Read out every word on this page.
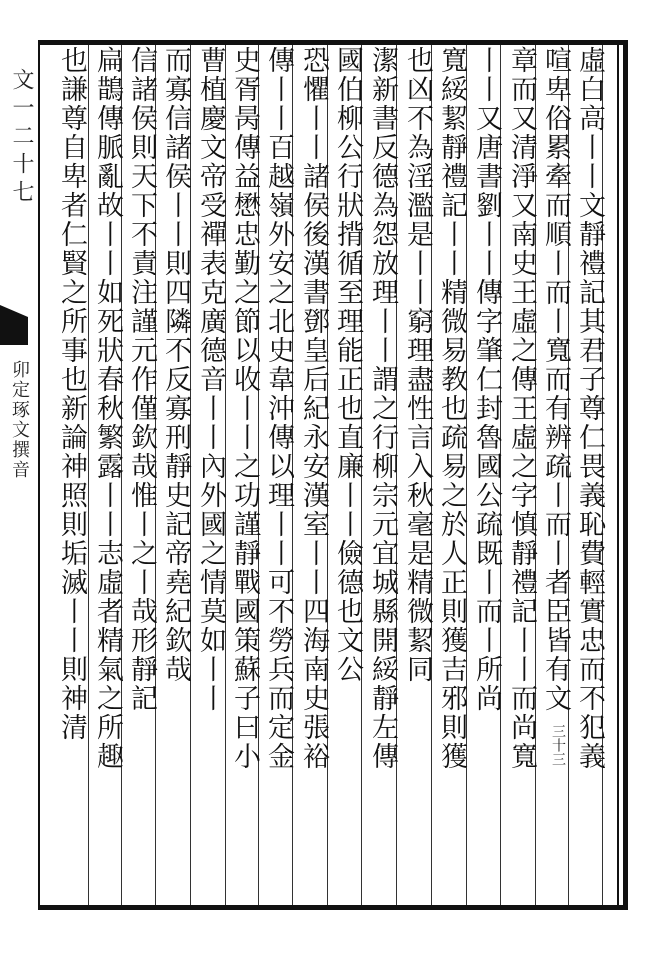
文一二十七
卯定琢文撰音	虛白高丨丨文靜禮記其君子尊仁畏義恥費輕實忠而不犯義
喧卑俗累牽而順丨而丨寬而有辨疏丨而丨者臣皆有文
章而又清淨又南史王虛之傳王虛之字慎靜禮記丨丨而尚寬
丨丨又唐書劉丨丨傳字肇仁封魯國公疏既丨而丨所尚
寬綏絜靜禮記丨丨精微易教也疏易之於人正則獲吉邪則獲
也凶不為淫濫是丨丨窮理盡性言入秋毫是精微絜同
潔新書反德為怨放理丨丨謂之行柳宗元宜城縣開綏靜左傳
國伯柳公行狀揹循至理能正也直廉丨丨儉德也文公
恐懼丨丨諸侯後漢書鄧皇后紀永安漢室丨丨四海南史張裕
傳丨丨百越嶺外安之北史韋沖傳以理丨丨可不勞兵而定金
史胥昺傳益懋忠勤之節以收丨丨之功謹靜戰國策蘇子曰小
曹植慶文帝受禪表克廣德音丨丨內外國之情莫如丨丨
而寡信諸侯丨丨則四隣不反寡刑靜史記帝堯紀欽哉
信諸侯則天下不責注謹元作僅欽哉惟丨之丨哉形靜記
扁鵲傳脈亂故丨丨如死狀春秋繁露丨丨志虛者精氣之所趣
也謙尊自卑者仁賢之所事也新論神照則垢滅丨丨則神清
三十三
